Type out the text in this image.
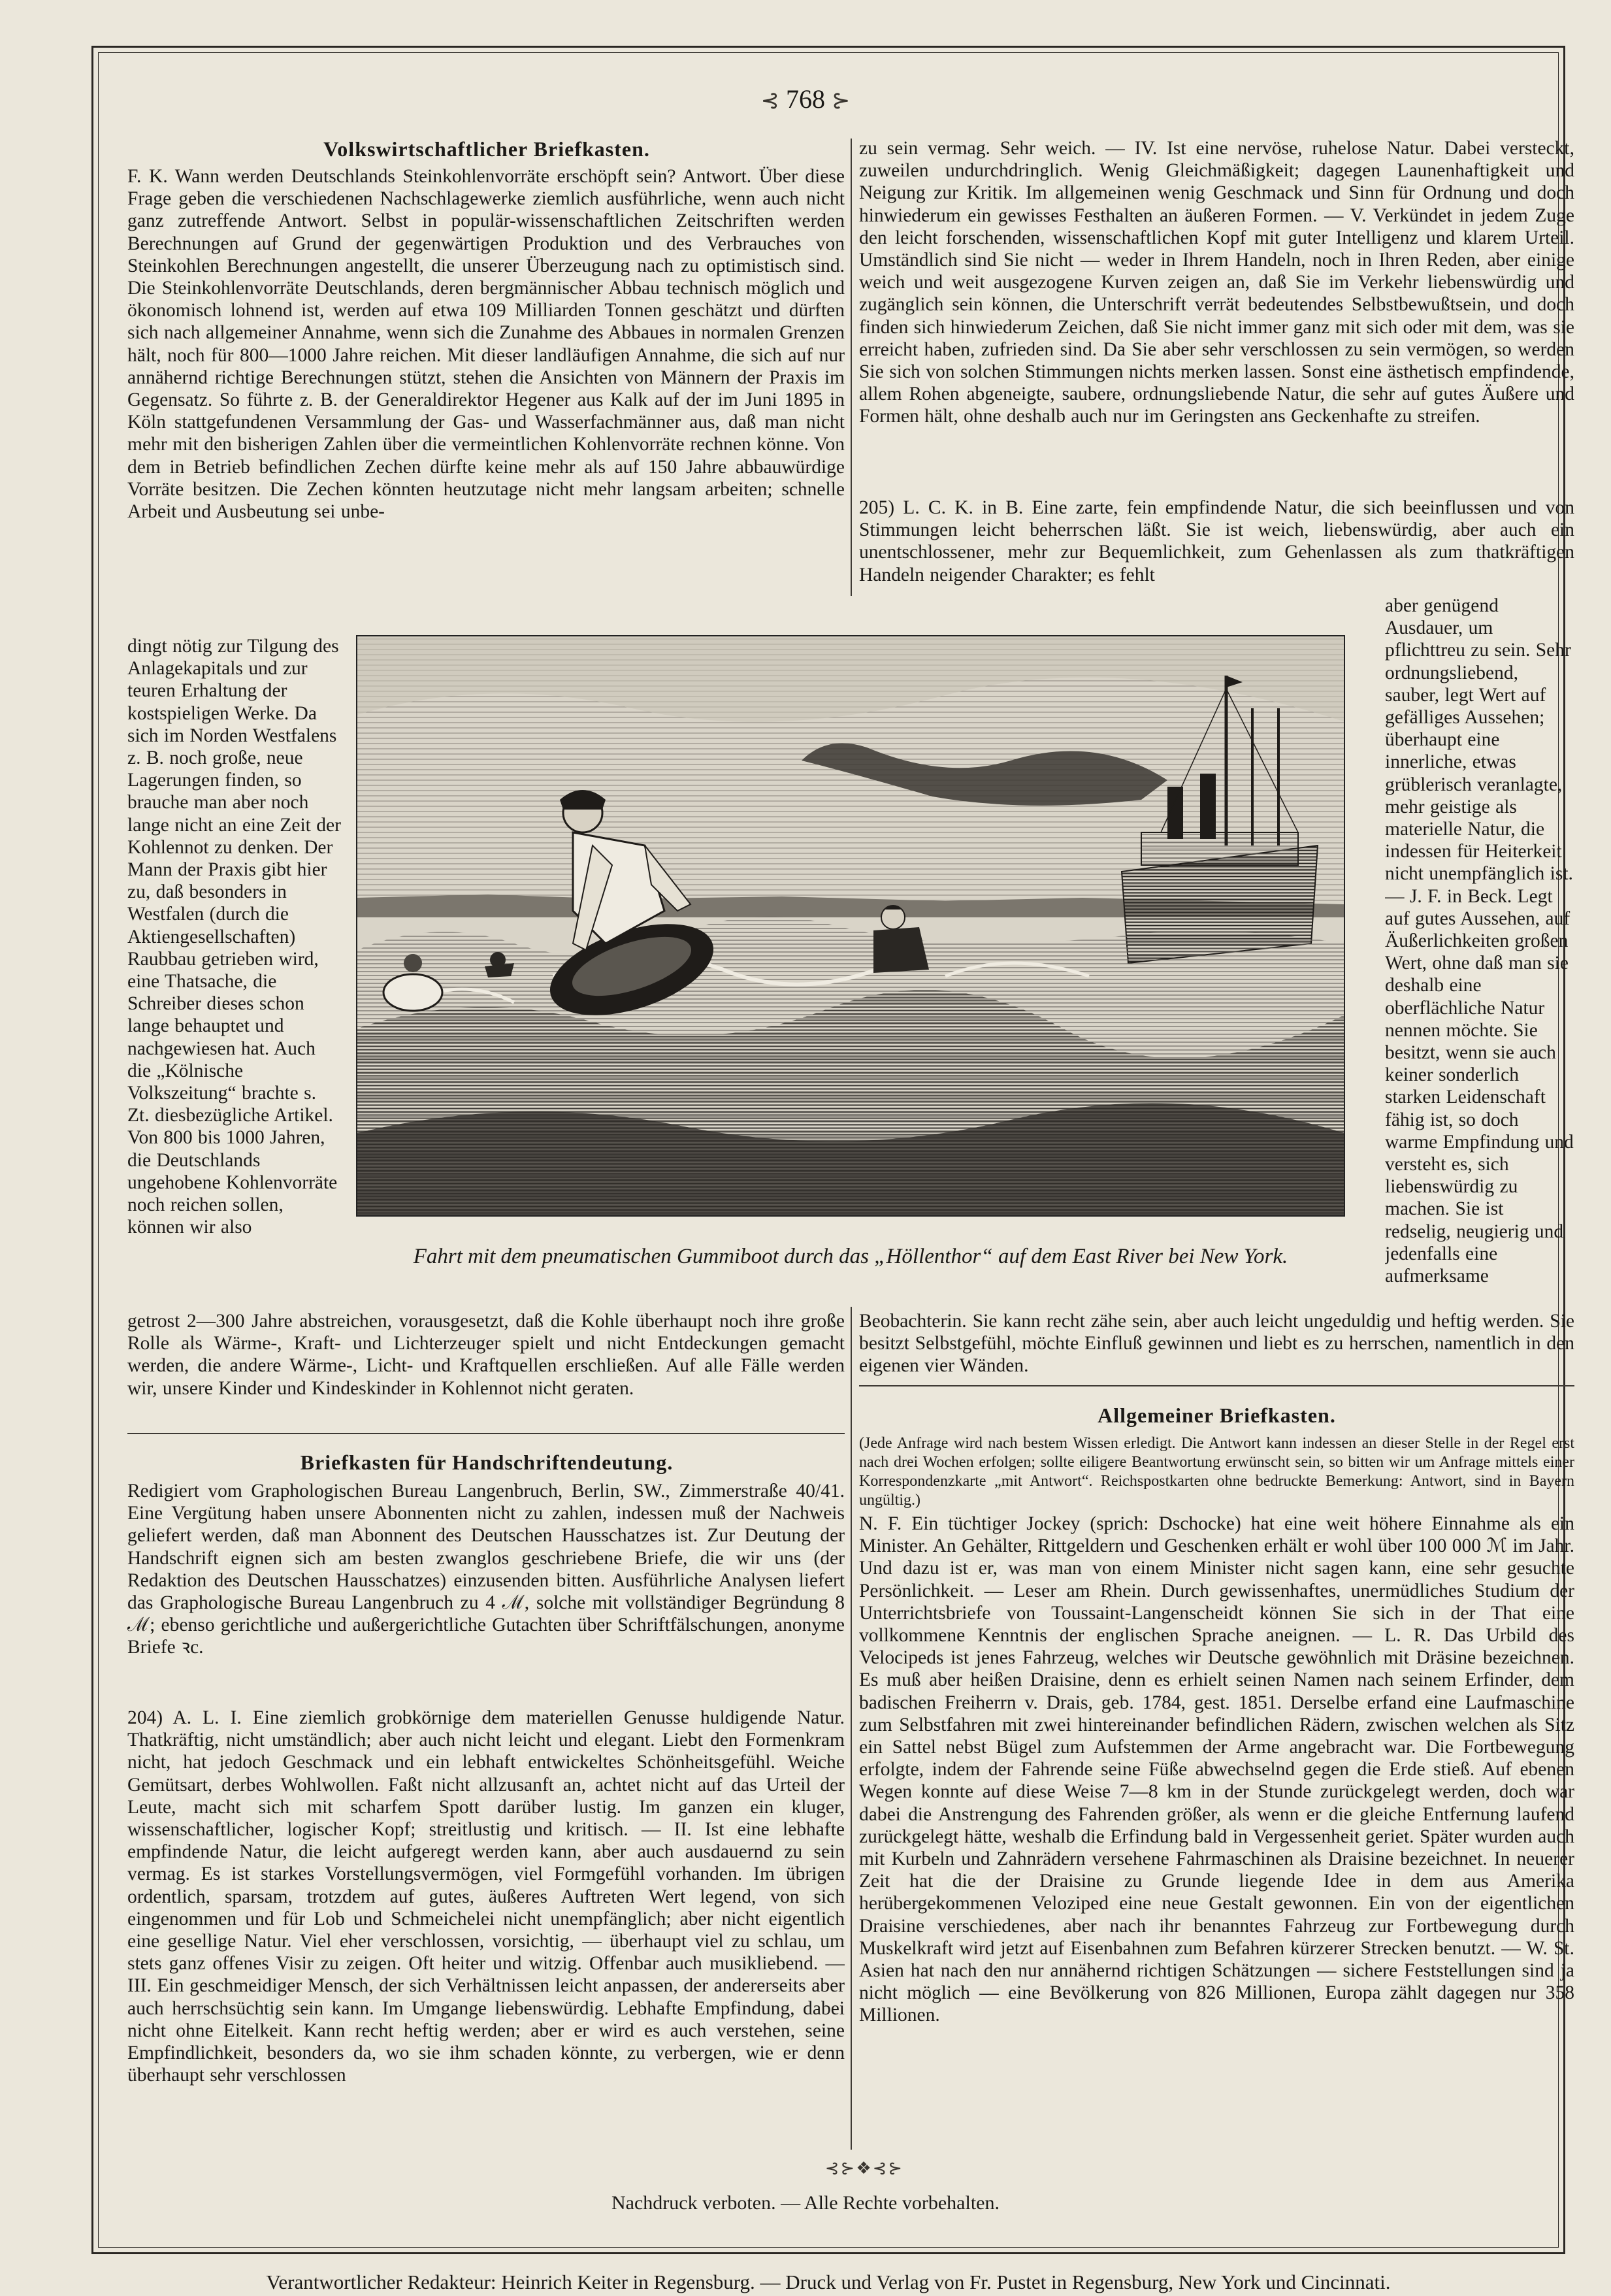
⊰ 768 ⊱
Volkswirtschaftlicher Briefkasten.

F. K. Wann werden Deutschlands Steinkohlenvorräte erschöpft sein? Antwort. Über diese Frage geben die verschiedenen Nachschlagewerke ziemlich ausführliche, wenn auch nicht ganz zutreffende Antwort. Selbst in populär-wissenschaftlichen Zeitschriften werden Berechnungen auf Grund der gegenwärtigen Produktion und des Verbrauches von Steinkohlen Berechnungen angestellt, die unserer Überzeugung nach zu optimistisch sind. Die Steinkohlenvorräte Deutschlands, deren bergmännischer Abbau technisch möglich und ökonomisch lohnend ist, werden auf etwa 109 Milliarden Tonnen geschätzt und dürften sich nach allgemeiner Annahme, wenn sich die Zunahme des Abbaues in normalen Grenzen hält, noch für 800—1000 Jahre reichen. Mit dieser landläufigen Annahme, die sich auf nur annähernd richtige Berechnungen stützt, stehen die Ansichten von Männern der Praxis im Gegensatz. So führte z. B. der Generaldirektor Hegener aus Kalk auf der im Juni 1895 in Köln stattgefundenen Versammlung der Gas- und Wasserfachmänner aus, daß man nicht mehr mit den bisherigen Zahlen über die vermeintlichen Kohlenvorräte rechnen könne. Von dem in Betrieb befindlichen Zechen dürfte keine mehr als auf 150 Jahre abbauwürdige Vorräte besitzen. Die Zechen könnten heutzutage nicht mehr langsam arbeiten; schnelle Arbeit und Ausbeutung sei unbe-

dingt nötig zur Tilgung des Anlagekapitals und zur teuren Erhaltung der kostspieligen Werke. Da sich im Norden Westfalens z. B. noch große, neue Lagerungen finden, so brauche man aber noch lange nicht an eine Zeit der Kohlennot zu denken. Der Mann der Praxis gibt hier zu, daß besonders in Westfalen (durch die Aktiengesellschaften) Raubbau getrieben wird, eine Thatsache, die Schreiber dieses schon lange behauptet und nachgewiesen hat. Auch die „Kölnische Volkszeitung“ brachte s. Zt. diesbezügliche Artikel. Von 800 bis 1000 Jahren, die Deutschlands ungehobene Kohlenvorräte noch reichen sollen, können wir also

getrost 2—300 Jahre abstreichen, vorausgesetzt, daß die Kohle überhaupt noch ihre große Rolle als Wärme-, Kraft- und Lichterzeuger spielt und nicht Entdeckungen gemacht werden, die andere Wärme-, Licht- und Kraftquellen erschließen. Auf alle Fälle werden wir, unsere Kinder und Kindeskinder in Kohlennot nicht geraten.

zu sein vermag. Sehr weich. — IV. Ist eine nervöse, ruhelose Natur. Dabei versteckt, zuweilen undurchdringlich. Wenig Gleichmäßigkeit; dagegen Launenhaftigkeit und Neigung zur Kritik. Im allgemeinen wenig Geschmack und Sinn für Ordnung und doch hinwiederum ein gewisses Festhalten an äußeren Formen. — V. Verkündet in jedem Zuge den leicht forschenden, wissenschaftlichen Kopf mit guter Intelligenz und klarem Urteil. Umständlich sind Sie nicht — weder in Ihrem Handeln, noch in Ihren Reden, aber einige weich und weit ausgezogene Kurven zeigen an, daß Sie im Verkehr liebenswürdig und zugänglich sein können, die Unterschrift verrät bedeutendes Selbstbewußtsein, und doch finden sich hinwiederum Zeichen, daß Sie nicht immer ganz mit sich oder mit dem, was sie erreicht haben, zufrieden sind. Da Sie aber sehr verschlossen zu sein vermögen, so werden Sie sich von solchen Stimmungen nichts merken lassen. Sonst eine ästhetisch empfindende, allem Rohen abgeneigte, saubere, ordnungsliebende Natur, die sehr auf gutes Äußere und Formen hält, ohne deshalb auch nur im Geringsten ans Geckenhafte zu streifen.

205) L. C. K. in B. Eine zarte, fein empfindende Natur, die sich beeinflussen und von Stimmungen leicht beherrschen läßt. Sie ist weich, liebenswürdig, aber auch ein unentschlossener, mehr zur Bequemlichkeit, zum Gehenlassen als zum thatkräftigen Handeln neigender Charakter; es fehlt

aber genügend Ausdauer, um pflichttreu zu sein. Sehr ordnungsliebend, sauber, legt Wert auf gefälliges Aussehen; überhaupt eine innerliche, etwas grüblerisch veranlagte, mehr geistige als materielle Natur, die indessen für Heiterkeit nicht unempfänglich ist. — J. F. in Beck. Legt auf gutes Aussehen, auf Äußerlichkeiten großen Wert, ohne daß man sie deshalb eine oberflächliche Natur nennen möchte. Sie besitzt, wenn sie auch keiner sonderlich starken Leidenschaft fähig ist, so doch warme Empfindung und versteht es, sich liebenswürdig zu machen. Sie ist redselig, neugierig und jedenfalls eine aufmerksame

Beobachterin. Sie kann recht zähe sein, aber auch leicht ungeduldig und heftig werden. Sie besitzt Selbstgefühl, möchte Einfluß gewinnen und liebt es zu herrschen, namentlich in den eigenen vier Wänden.

Fahrt mit dem pneumatischen Gummiboot durch das „Höllenthor“ auf dem East River bei New York.
Briefkasten für Handschriftendeutung.

Redigiert vom Graphologischen Bureau Langenbruch, Berlin, SW., Zimmerstraße 40/41. Eine Vergütung haben unsere Abonnenten nicht zu zahlen, indessen muß der Nachweis geliefert werden, daß man Abonnent des Deutschen Hausschatzes ist. Zur Deutung der Handschrift eignen sich am besten zwanglos geschriebene Briefe, die wir uns (der Redaktion des Deutschen Hausschatzes) einzusenden bitten. Ausführliche Analysen liefert das Graphologische Bureau Langenbruch zu 4 ℳ, solche mit vollständiger Begründung 8 ℳ; ebenso gerichtliche und außergerichtliche Gutachten über Schriftfälschungen, anonyme Briefe ꝛc.

204) A. L. I. Eine ziemlich grobkörnige dem materiellen Genusse huldigende Natur. Thatkräftig, nicht umständlich; aber auch nicht leicht und elegant. Liebt den Formenkram nicht, hat jedoch Geschmack und ein lebhaft entwickeltes Schönheitsgefühl. Weiche Gemütsart, derbes Wohlwollen. Faßt nicht allzusanft an, achtet nicht auf das Urteil der Leute, macht sich mit scharfem Spott darüber lustig. Im ganzen ein kluger, wissenschaftlicher, logischer Kopf; streitlustig und kritisch. — II. Ist eine lebhafte empfindende Natur, die leicht aufgeregt werden kann, aber auch ausdauernd zu sein vermag. Es ist starkes Vorstellungsvermögen, viel Formgefühl vorhanden. Im übrigen ordentlich, sparsam, trotzdem auf gutes, äußeres Auftreten Wert legend, von sich eingenommen und für Lob und Schmeichelei nicht unempfänglich; aber nicht eigentlich eine gesellige Natur. Viel eher verschlossen, vorsichtig, — überhaupt viel zu schlau, um stets ganz offenes Visir zu zeigen. Oft heiter und witzig. Offenbar auch musikliebend. — III. Ein geschmeidiger Mensch, der sich Verhältnissen leicht anpassen, der andererseits aber auch herrschsüchtig sein kann. Im Umgange liebenswürdig. Lebhafte Empfindung, dabei nicht ohne Eitelkeit. Kann recht heftig werden; aber er wird es auch verstehen, seine Empfindlichkeit, besonders da, wo sie ihm schaden könnte, zu verbergen, wie er denn überhaupt sehr verschlossen

Allgemeiner Briefkasten.

(Jede Anfrage wird nach bestem Wissen erledigt. Die Antwort kann indessen an dieser Stelle in der Regel erst nach drei Wochen erfolgen; sollte eiligere Beantwortung erwünscht sein, so bitten wir um Anfrage mittels einer Korrespondenzkarte „mit Antwort“. Reichspostkarten ohne bedruckte Bemerkung: Antwort, sind in Bayern ungültig.)

N. F. Ein tüchtiger Jockey (sprich: Dschocke) hat eine weit höhere Einnahme als ein Minister. An Gehälter, Rittgeldern und Geschenken erhält er wohl über 100 000 ℳ im Jahr. Und dazu ist er, was man von einem Minister nicht sagen kann, eine sehr gesuchte Persönlichkeit. — Leser am Rhein. Durch gewissenhaftes, unermüdliches Studium der Unterrichtsbriefe von Toussaint-Langenscheidt können Sie sich in der That eine vollkommene Kenntnis der englischen Sprache aneignen. — L. R. Das Urbild des Velocipeds ist jenes Fahrzeug, welches wir Deutsche gewöhnlich mit Dräsine bezeichnen. Es muß aber heißen Draisine, denn es erhielt seinen Namen nach seinem Erfinder, dem badischen Freiherrn v. Drais, geb. 1784, gest. 1851. Derselbe erfand eine Laufmaschine zum Selbstfahren mit zwei hintereinander befindlichen Rädern, zwischen welchen als Sitz ein Sattel nebst Bügel zum Aufstemmen der Arme angebracht war. Die Fortbewegung erfolgte, indem der Fahrende seine Füße abwechselnd gegen die Erde stieß. Auf ebenen Wegen konnte auf diese Weise 7—8 km in der Stunde zurückgelegt werden, doch war dabei die Anstrengung des Fahrenden größer, als wenn er die gleiche Entfernung laufend zurückgelegt hätte, weshalb die Erfindung bald in Vergessenheit geriet. Später wurden auch mit Kurbeln und Zahnrädern versehene Fahrmaschinen als Draisine bezeichnet. In neuerer Zeit hat die der Draisine zu Grunde liegende Idee in dem aus Amerika herübergekommenen Veloziped eine neue Gestalt gewonnen. Ein von der eigentlichen Draisine verschiedenes, aber nach ihr benanntes Fahrzeug zur Fortbewegung durch Muskelkraft wird jetzt auf Eisenbahnen zum Befahren kürzerer Strecken benutzt. — W. St. Asien hat nach den nur annähernd richtigen Schätzungen — sichere Feststellungen sind ja nicht möglich — eine Bevölkerung von 826 Millionen, Europa zählt dagegen nur 358 Millionen.

⊰⊱❖⊰⊱
Nachdruck verboten. — Alle Rechte vorbehalten.
Verantwortlicher Redakteur: Heinrich Keiter in Regensburg. — Druck und Verlag von Fr. Pustet in Regensburg, New York und Cincinnati.
